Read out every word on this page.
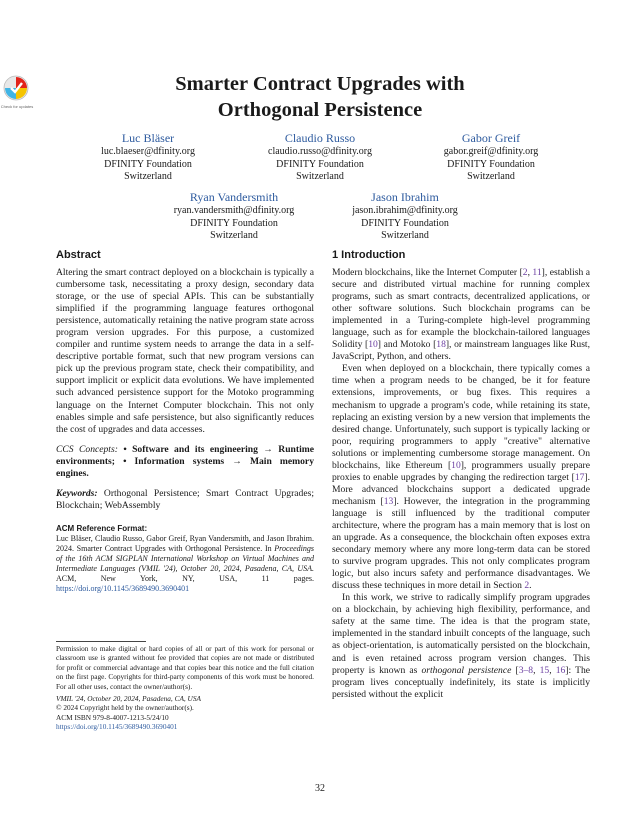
Check for updates
Smarter Contract Upgrades with
Orthogonal Persistence
Luc Bläser
luc.blaeser@dfinity.org
DFINITY Foundation
Switzerland
Claudio Russo
claudio.russo@dfinity.org
DFINITY Foundation
Switzerland
Gabor Greif
gabor.greif@dfinity.org
DFINITY Foundation
Switzerland
Ryan Vandersmith
ryan.vandersmith@dfinity.org
DFINITY Foundation
Switzerland
Jason Ibrahim
jason.ibrahim@dfinity.org
DFINITY Foundation
Switzerland
Abstract

Altering the smart contract deployed on a blockchain is typically a cumbersome task, necessitating a proxy design, secondary data storage, or the use of special APIs. This can be substantially simplified if the programming language features orthogonal persistence, automatically retaining the native program state across program version upgrades. For this purpose, a customized compiler and runtime system needs to arrange the data in a self-descriptive portable format, such that new program versions can pick up the previous program state, check their compatibility, and support implicit or explicit data evolutions. We have implemented such advanced persistence support for the Motoko programming language on the Internet Computer blockchain. This not only enables simple and safe persistence, but also significantly reduces the cost of upgrades and data accesses.

CCS Concepts: • Software and its engineering → Runtime environments; • Information systems → Main memory engines.

Keywords: Orthogonal Persistence; Smart Contract Upgrades; Blockchain; WebAssembly

ACM Reference Format:

Luc Bläser, Claudio Russo, Gabor Greif, Ryan Vandersmith, and Jason Ibrahim. 2024. Smarter Contract Upgrades with Orthogonal Persistence. In Proceedings of the 16th ACM SIGPLAN International Workshop on Virtual Machines and Intermediate Languages (VMIL '24), October 20, 2024, Pasadena, CA, USA. ACM, New York, NY, USA, 11 pages. https://doi.org/10.1145/3689490.3690401

Permission to make digital or hard copies of all or part of this work for personal or classroom use is granted without fee provided that copies are not made or distributed for profit or commercial advantage and that copies bear this notice and the full citation on the first page. Copyrights for third-party components of this work must be honored. For all other uses, contact the owner/author(s).

VMIL '24, October 20, 2024, Pasadena, CA, USA

© 2024 Copyright held by the owner/author(s).

ACM ISBN 979-8-4007-1213-5/24/10

https://doi.org/10.1145/3689490.3690401

1 Introduction

Modern blockchains, like the Internet Computer [2, 11], establish a secure and distributed virtual machine for running complex programs, such as smart contracts, decentralized applications, or other software solutions. Such blockchain programs can be implemented in a Turing-complete high-level programming language, such as for example the blockchain-tailored languages Solidity [10] and Motoko [18], or mainstream languages like Rust, JavaScript, Python, and others.

Even when deployed on a blockchain, there typically comes a time when a program needs to be changed, be it for feature extensions, improvements, or bug fixes. This requires a mechanism to upgrade a program's code, while retaining its state, replacing an existing version by a new version that implements the desired change. Unfortunately, such support is typically lacking or poor, requiring programmers to apply "creative" alternative solutions or implementing cumbersome storage management. On blockchains, like Ethereum [10], programmers usually prepare proxies to enable upgrades by changing the redirection target [17]. More advanced blockchains support a dedicated upgrade mechanism [13]. However, the integration in the programming language is still influenced by the traditional computer architecture, where the program has a main memory that is lost on an upgrade. As a consequence, the blockchain often exposes extra secondary memory where any more long-term data can be stored to survive program upgrades. This not only complicates program logic, but also incurs safety and performance disadvantages. We discuss these techniques in more detail in Section 2.

In this work, we strive to radically simplify program upgrades on a blockchain, by achieving high flexibility, performance, and safety at the same time. The idea is that the program state, implemented in the standard inbuilt concepts of the language, such as object-orientation, is automatically persisted on the blockchain, and is even retained across program version changes. This property is known as orthogonal persistence [3–8, 15, 16]: The program lives conceptually indefinitely, its state is implicitly persisted without the explicit

32
